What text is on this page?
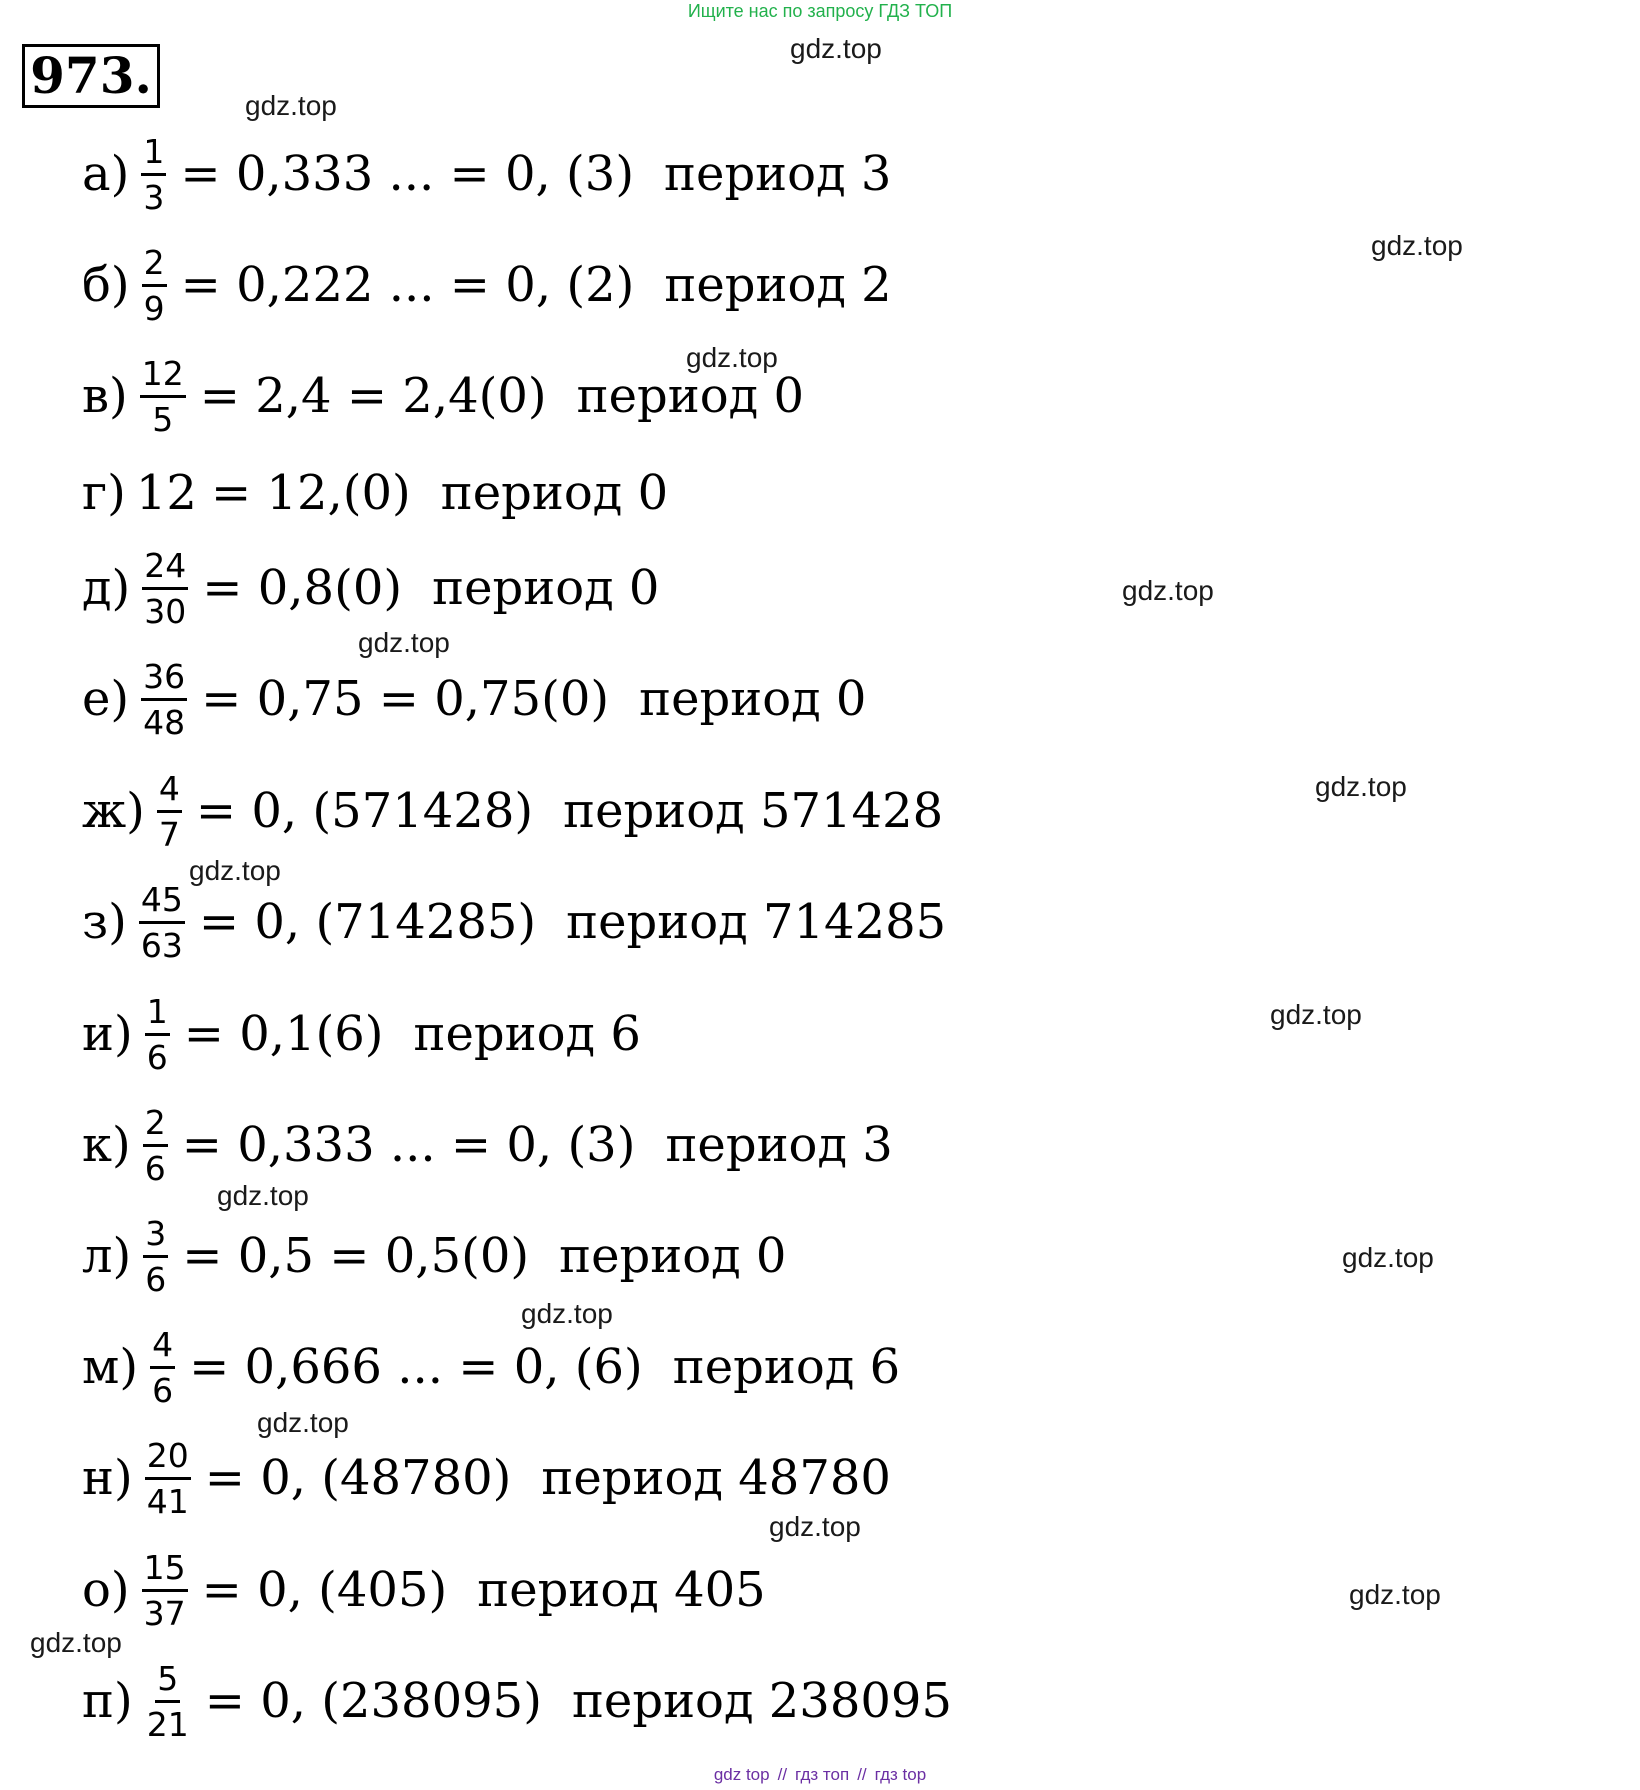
Ищите нас по запросу ГДЗ ТОП
973.	gdz.top
gdz.top
gdz.top
gdz.top
gdz.top
gdz.top
gdz.top
gdz.top
gdz.top
gdz.top
gdz.top
gdz.top
gdz.top
gdz.top
gdz.top
gdz.top
$а) \frac{1}{3} = 0,333$ ... = 0, (3) период 3
$б) \frac{2}{9} = 0,222$ ... = 0, (2) период 2
$в) \frac{12}{5} = 2,4 = 2,4(0)$ период 0
г) 12 = 12,(0) период 0
$д) \frac{24}{30} = 0,8(0)$ период 0
$е) \frac{36}{48} = 0,75 = 0,75(0)$ период 0
$ж) \frac{4}{7} = 0$, (571428) период 571428
$з) \frac{45}{63} = 0$, (714285) период 714285
$и) \frac{1}{6} = 0,1(6)$ период 6
$к) \frac{2}{6} = 0,333$ ... = 0, (3) период 3
$л) \frac{3}{6} = 0,5 = 0,5(0)$ период 0
$м) \frac{4}{6} = 0,666$ ... = 0, (6) период 6
$н) \frac{20}{41} = 0$, (48780) период 48780
$о) \frac{15}{37} = 0$, (405) период 405
$п) \frac{5}{21} = 0$, (238095) период 238095
gdz top // гдз топ // гдз top
